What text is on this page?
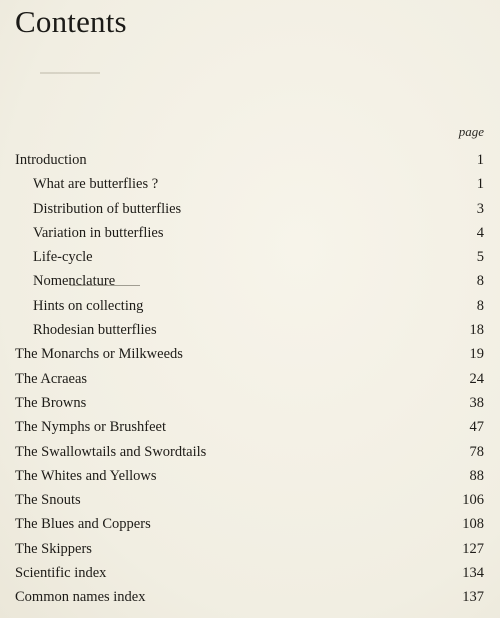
Contents
page
Introduction	1
What are butterflies ?	1
Distribution of butterflies	3
Variation in butterflies	4
Life-cycle	5
Nomenclature	8
Hints on collecting	8
Rhodesian butterflies	18
The Monarchs or Milkweeds	19
The Acraeas	24
The Browns	38
The Nymphs or Brushfeet	47
The Swallowtails and Swordtails	78
The Whites and Yellows	88
The Snouts	106
The Blues and Coppers	108
The Skippers	127
Scientific index	134
Common names index	137
